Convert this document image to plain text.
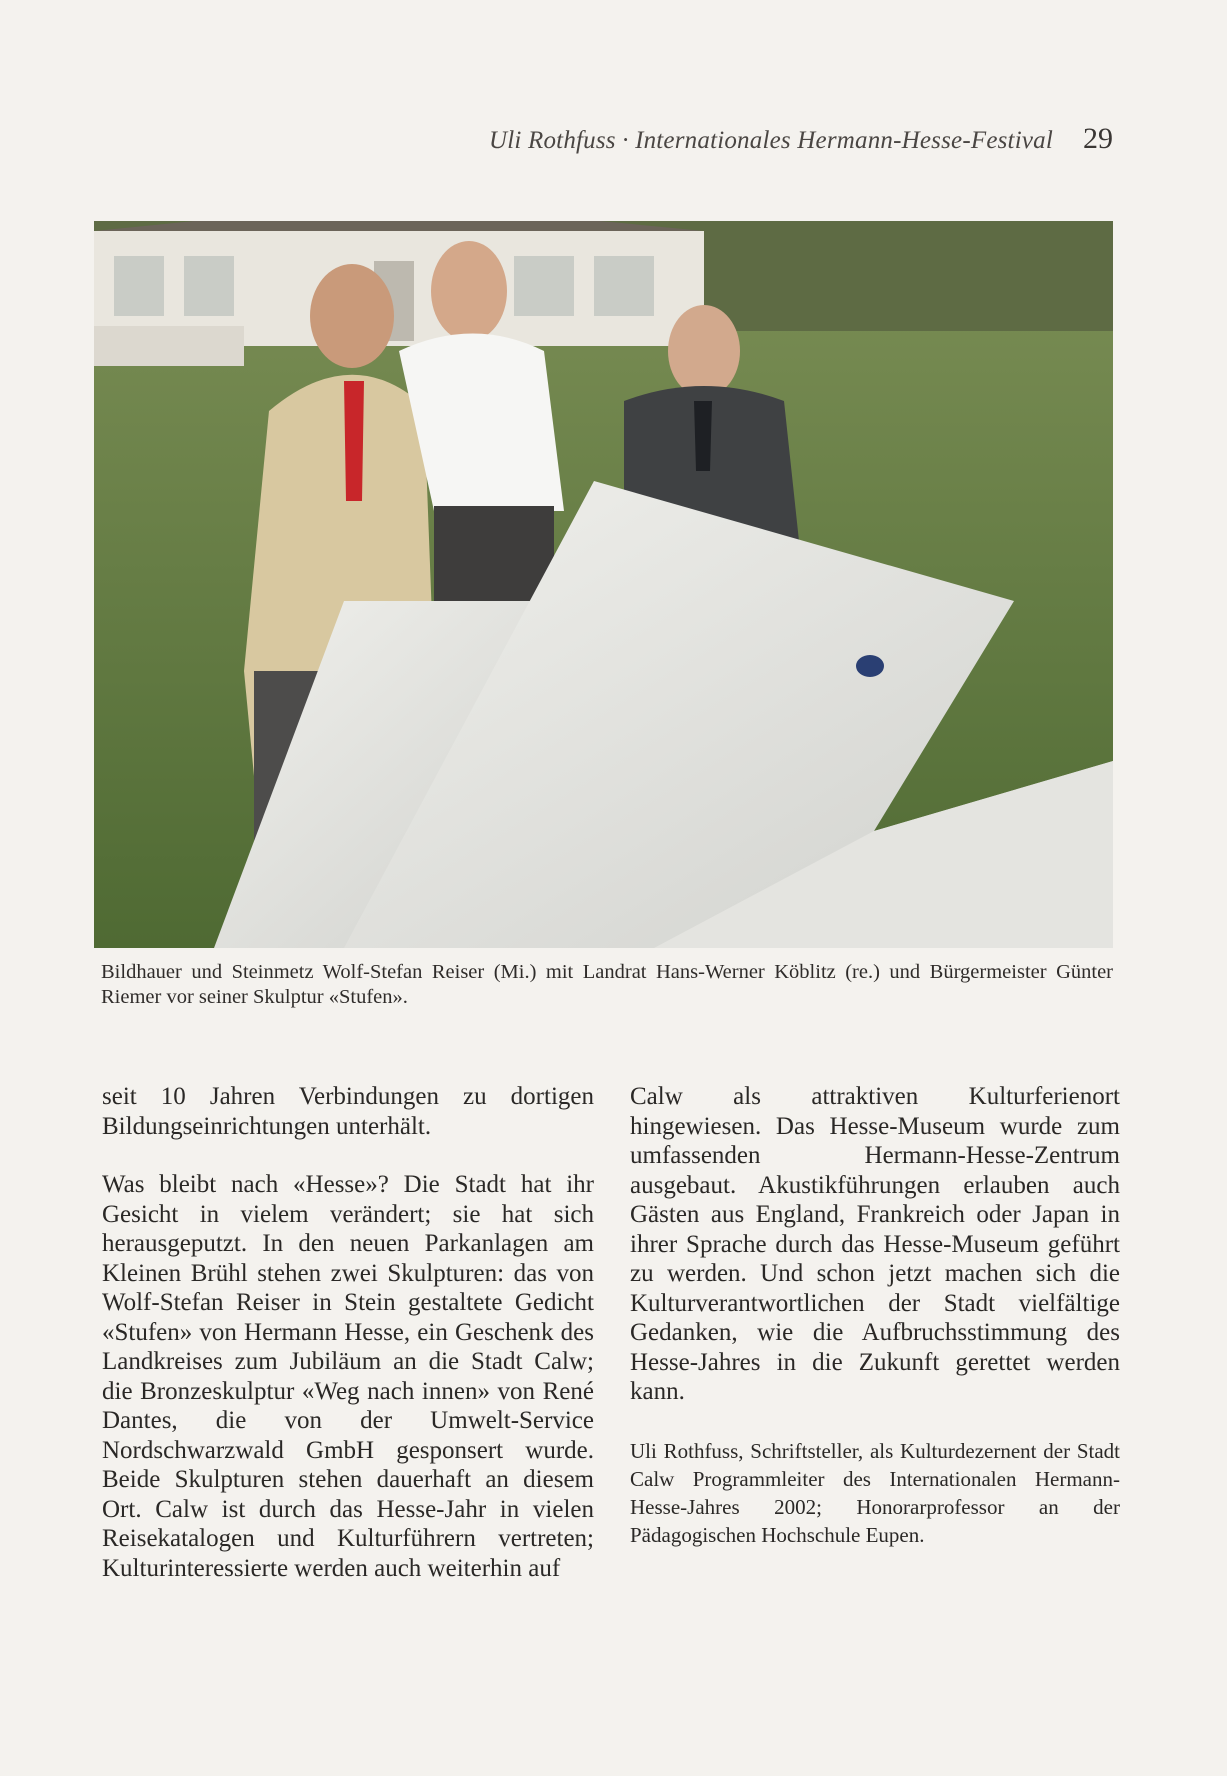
Uli Rothfuss · Internationales Hermann-Hesse-Festival 29
Bildhauer und Steinmetz Wolf-Stefan Reiser (Mi.) mit Landrat Hans-Werner Köblitz (re.) und Bürgermeister Günter Riemer vor seiner Skulptur «Stufen».

seit 10 Jahren Verbindungen zu dortigen Bildungseinrichtungen unterhält.

Was bleibt nach «Hesse»? Die Stadt hat ihr Gesicht in vielem verändert; sie hat sich herausgeputzt. In den neuen Parkanlagen am Kleinen Brühl stehen zwei Skulpturen: das von Wolf-Stefan Reiser in Stein gestaltete Gedicht «Stufen» von Hermann Hesse, ein Geschenk des Landkreises zum Jubiläum an die Stadt Calw; die Bronzeskulptur «Weg nach innen» von René Dantes, die von der Umwelt-Service Nordschwarzwald GmbH gesponsert wurde. Beide Skulpturen stehen dauerhaft an diesem Ort. Calw ist durch das Hesse-Jahr in vielen Reisekatalogen und Kulturführern vertreten; Kulturinteressierte werden auch weiterhin auf

Calw als attraktiven Kulturferienort hingewiesen. Das Hesse-Museum wurde zum umfassenden Hermann-Hesse-Zentrum ausgebaut. Akustikführungen erlauben auch Gästen aus England, Frankreich oder Japan in ihrer Sprache durch das Hesse-Museum geführt zu werden. Und schon jetzt machen sich die Kulturverantwortlichen der Stadt vielfältige Gedanken, wie die Aufbruchsstimmung des Hesse-Jahres in die Zukunft gerettet werden kann.

Uli Rothfuss, Schriftsteller, als Kulturdezernent der Stadt Calw Programmleiter des Internationalen Hermann-Hesse-Jahres 2002; Honorarprofessor an der Pädagogischen Hochschule Eupen.
